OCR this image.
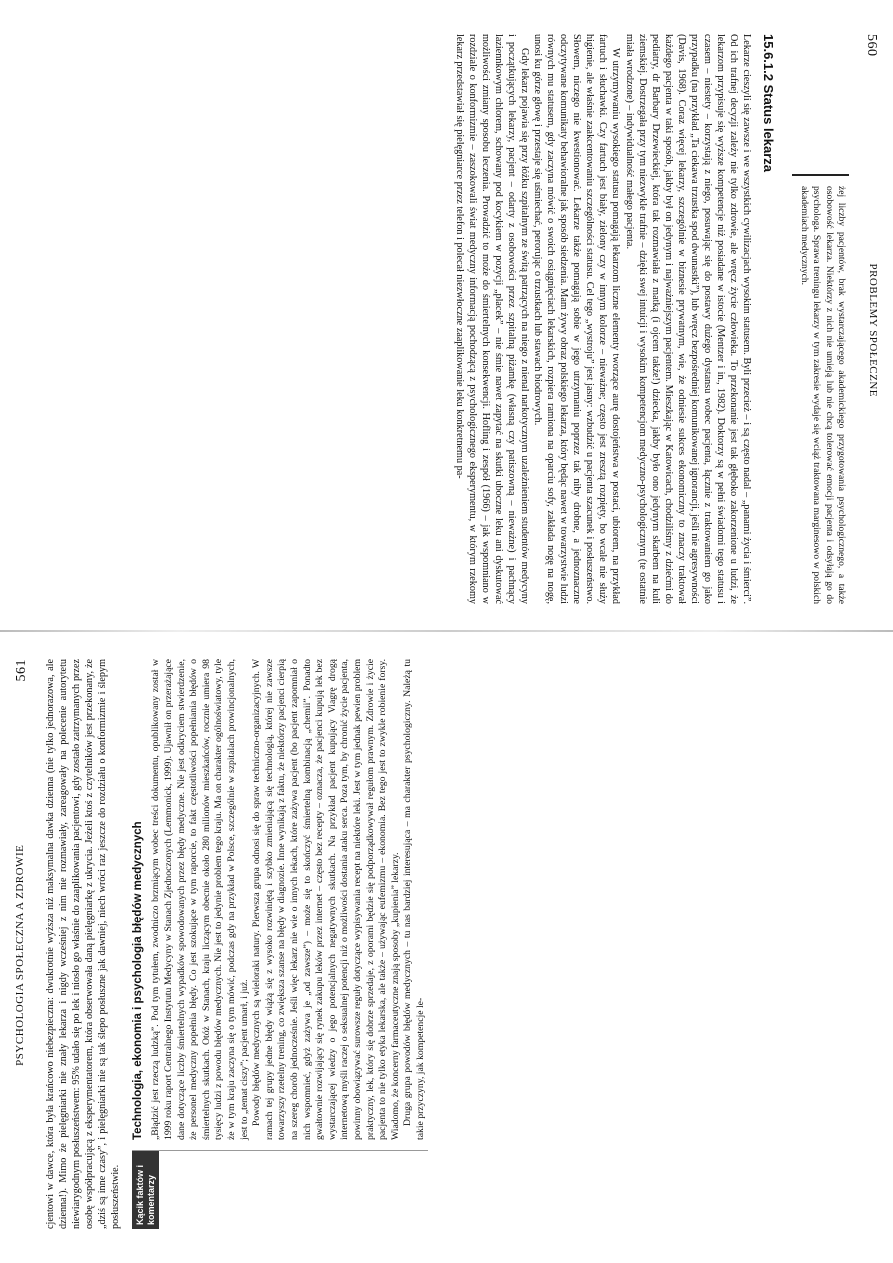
560
PROBLEMY SPOŁECZNE

żej liczby pacjentów, brak wystarczającego akademickiego przygotowania psychologicznego, a także osobowość lekarza. Niektórzy z nich nie umieją lub nie chcą tolerować emocji pacjenta i odsyłają go do psychologa. Sprawa treningu lekarzy w tym zakresie wydaje się wciąż traktowana marginesowo w polskich akademiach medycznych.

15.6.1.2 Status lekarza

Lekarze cieszyli się zawsze i we wszystkich cywilizacjach wysokim statusem. Byli przecież – i są często nadal – „panami życia i śmierci”. Od ich trafnej decyzji zależy nie tylko zdrowie, ale wręcz życie człowieka. To przekonanie jest tak głęboko zakorzenione u ludzi, że lekarzom przypisuje się wyższe kompetencje niż posiadane w istocie (Mentzer i in., 1982). Doktorzy są w pełni świadomi tego statusu i czasem – niestety – korzystają z niego, posuwając się do postawy dużego dystansu wobec pacjenta, łącznie z traktowaniem go jako przypadku (na przykład „Ta ciekawa trzustka spod dwunastki”), lub wręcz bezpośredniej komunikowanej ignorancji, jeśli nie agresywności (Davis, 1968). Coraz więcej lekarzy, szczególnie w biznesie prywatnym, wie, że odniesie sukces ekonomiczny to znaczy traktował każdego pacjenta w taki sposób, jakby był on jedynym i najważniejszym pacjentem. Mieszkając w Katowicach, chodziliśmy z dziećmi do pediatry, dr Barbary Drzewieckiej, która tak rozmawiała z matką (i ojcem także!) dziecka, jakby było ono jedynym skarbem na kuli ziemskiej. Dostrzegała przy tym niezwykle trafnie – dzięki swej intuicji i wysokim kompetencjom medyczno-psychologicznym (te ostatnie miała wrodzone) – indywidualność małego pacjenta.

W utrzymywaniu wysokiego statusu pomagają lekarzom liczne elementy tworzące aurę dostojeństwa w postaci, ubiorem, na przykład fartuch i słuchawki. Czy fartuch jest biały, zielony czy w innym kolorze – nieważne; często jest zresztą rozpięty, bo wcale nie służy higienie, ale właśnie zaakcentowaniu szczególności statusu. Cel tego „wystroju” jest jasny: wzbudzić u pacjenta szacunek i posłuszeństwo. Słowem, niczego nie kwestionować. Lekarze także pomagają sobie w jego utrzymaniu poprzez tak niby drobne, a jednoznaczne odczytywane komunikaty behawioralne jak sposób siedzenia. Mam żywy obraz polskiego lekarza, który będąc nawet w towarzystwie ludzi równych mu statusem, gdy zaczyna mówić o swoich osiągnięciach lekarskich, rozpiera ramiona na oparciu sofy, zakłada nogę na nogę, unosi ku górze głowę i przestaje się uśmiechać, perorując o trzustkach lub stawach biodrowych.

Gdy lekarz pojawia się przy łóżku szpitalnym ze świtą patrzących na niego z nienal narkotycznym uzależnieniem studentów medycyny i początkujących lekarzy, pacjent – odarty z osobowości przez szpitalną piżamkę (własną czy patiszowną – nieważne) i pachnący laziennkowym chlorem, schowany pod kocykiem w pozycji „placek” – nie śmie nawet zapytać na skutki uboczne leku ani dyskutować możliwości zmiany sposobu leczenia. Prowadzić to może do śmiertelnych konsekwencji. Hofling i zespół (1966) – jak wspomniano w rozdziale o konformizmie – zaszokowali świat medyczny informacją pochodzącą z psychologicznego eksperymentu, w którym rzekomy lekarz przedstawiał się pielęgniarce przez telefon i polecał niezwłoczne zaaplikowanie leku konkretnemu pa-

PSYCHOLOGIA SPOŁECZNA A ZDROWIE
561 cjentowi w dawce, która była krańcowo niebezpieczna: dwukrotnie wyższa niż maksymalna dawka dzienna (nie tylko jednorazowa, ale dzienna!). Mimo że pielęgniarki nie znały lekarza i nigdy wcześniej z nim nie rozmawiały, zareagowały na polecenie autorytetu niewiarygodnym posłuszeństwem: 95% udało się po lek i niosło go właśnie do zaaplikowania pacjentowi, gdy zostało zatrzymanych przez osobę współpracującą z eksperymentatorem, która obserwowała daną pielęgniarkę z ukrycia. Jeżeli ktoś z czytelników jest przekonany, że „dziś są inne czasy”, i pielęgniarki nie są tak ślepo posłuszne jak dawniej, niech wróci raz jeszcze do rozdziału o konformizmie i ślepym posłuszeństwie.	Kącik faktów i komentarzy
Technologia, ekonomia i psychologia błędów medycznych „Błądzić jest rzeczą ludzką”. Pod tym tytułem, zwodniczo brzmiącym wobec treści dokumentu, opublikowany został w 1999 roku raport Centralnego Instytutu Medycyny w Stanach Zjednoczonych (Lemmonick, 1999). Ujawnił on przerażające dane dotyczące liczby śmiertelnych wypadków spowodowanych przez błędy medyczne. Nie jest odkryciem stwierdzenie, że personel medyczny popełnia błędy. Co jest szokujące w tym raporcie, to fakt częstotliwości popełniania błędów o śmiertelnych skutkach. Otóż w Stanach, kraju liczącym obecnie około 280 milionów mieszkańców, rocznie umiera 98 tysięcy ludzi z powodu błędów medycznych. Nie jest to jedynie problem tego kraju. Ma on charakter ogólnoświatowy, tyle że w tym kraju zaczyna się o tym mówić, podczas gdy na przykład w Polsce, szczególnie w szpitalach prowincjonalnych, jest to „temat ciszy”; pacjent umarł, i już. Powody błędów medycznych są wieloraki natury. Pierwsza grupa odnosi się do spraw techniczno-organizacyjnych. W ramach tej grupy jedne błędy wiążą się z wysoko rozwiniętą i szybko zmieniającą się technologią, której nie zawsze towarzyszy rzetelny trening, co zwiększa szanse na błędy w diagnozie. Inne wynikają z faktu, że niektórzy pacjenci cierpią na szereg chorób jednocześnie. Jeśli więc lekarz nie wie o innych lekach, które zażywa pacjent (bo pacjent zapomniał o nich wspomnieć, gdyż zażywa je „od zawsze”) – może się to skończyć śmiertelną kombinacją „chemii”. Ponadto gwałtownie rozwijający się rynek zakupu leków przez internet – często bez recepty – oznacza, że pacjenci kupują lek bez wystarczającej wiedzy o jego potencjalnych negatywnych skutkach. Na przykład pacjent kupujący Viagrę drogą internetową myśli raczej o seksualnej potencji niż o możliwości dostania ataku serca. Poza tym, by chronić życie pacjenta, powinny obowiązywać surowsze reguły dotyczące wypisywania recept na niektóre leki. Jest w tym jednak pewien problem praktyczny, lek, który się dobrze sprzedaje, z oporami będzie się podporządkowywał regułom prawnym. Zdrowie i życie pacjenta to nie tylko etyka lekarska, ale także – używając eufemizmu – ekonomia. Bez tego jest to zwykle robienie forsy. Wiadomo, że koncerny farmaceutyczne znają sposoby „kupienia” lekarzy. Druga grupa powodów błędów medycznych – tu nas bardziej interesująca – ma charakter psychologiczny. Należą tu takie przyczyny, jak kompetencje le-
